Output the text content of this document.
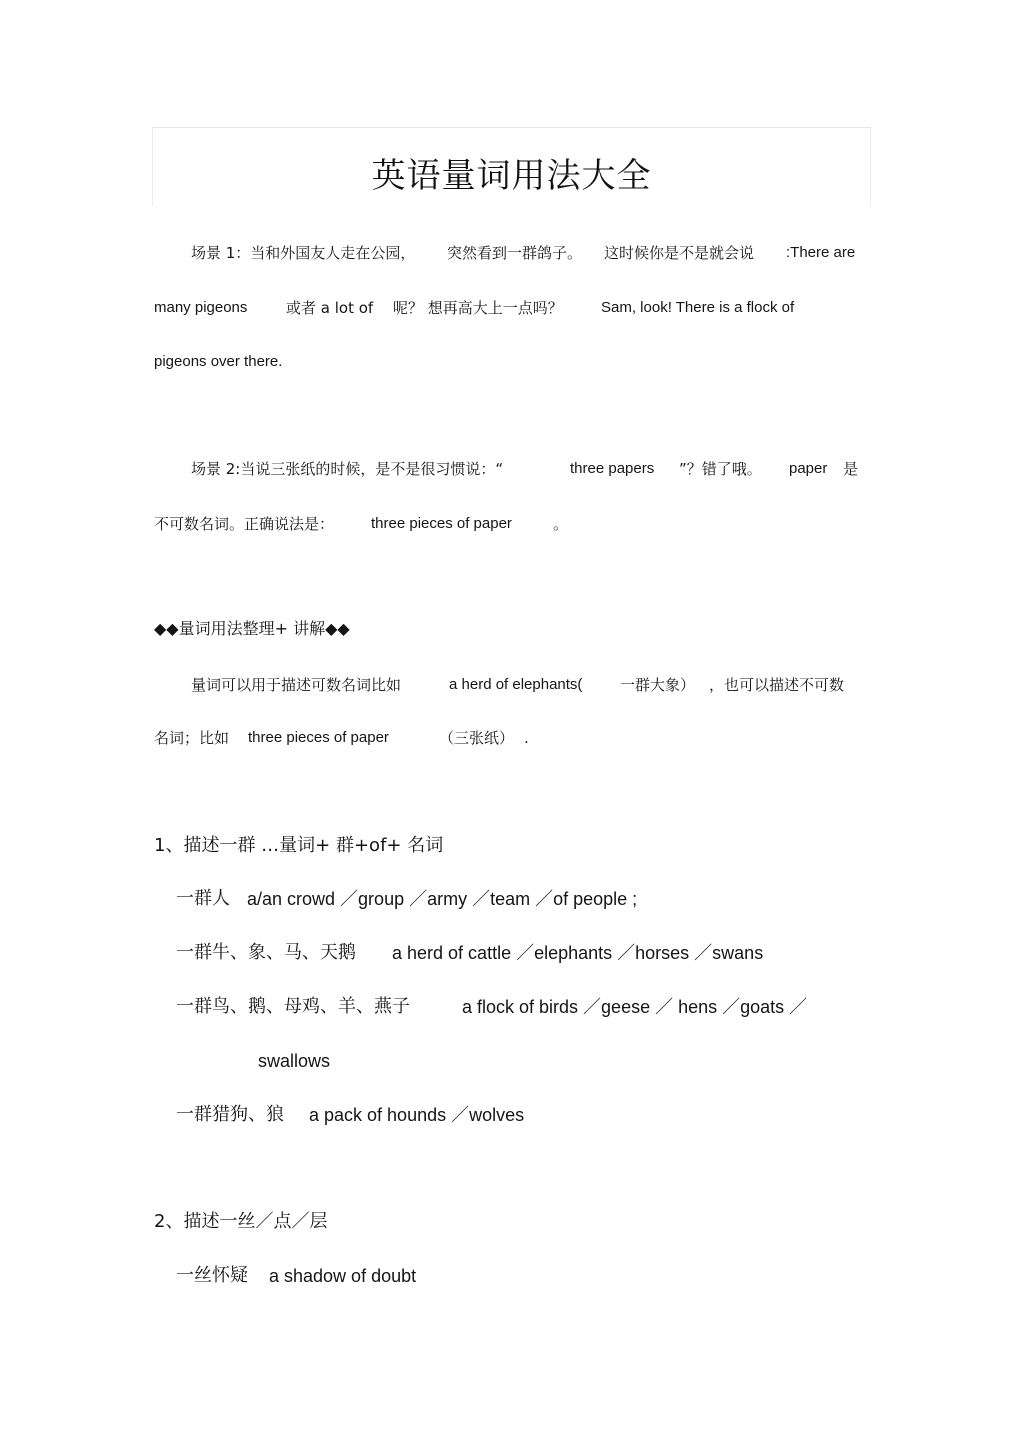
英语量词用法大全
场景 1：当和外国友人走在公园， 突然看到一群鸽子。 这时候你是不是就会说 :There are
many pigeons	或者 a lot of 呢？ 想再高大上一点吗？	Sam, look! There is a flock of
pigeons over there.
场景 2:当说三张纸的时候，是不是很习惯说：“	three papers ”？错了哦。 paper 是
不可数名词。正确说法是： three pieces of paper	。
◆◆量词用法整理+ 讲解◆◆
量词可以用于描述可数名词比如	a herd of elephants(	一群大象） ，也可以描述不可数
名词；比如 three pieces of paper	（三张纸） .
1、描述一群 …量词+ 群+of+ 名词
一群人 a/an crowd ／group ／army ／team ／of people ;
一群牛、象、马、天鹅 a herd of cattle ／elephants ／horses ／swans
一群鸟、鹅、母鸡、羊、燕子	a flock of birds ／geese ／ hens ／goats ／
swallows
一群猎狗、狼 a pack of hounds ／wolves
2、描述一丝／点／层
一丝怀疑 a shadow of doubt
